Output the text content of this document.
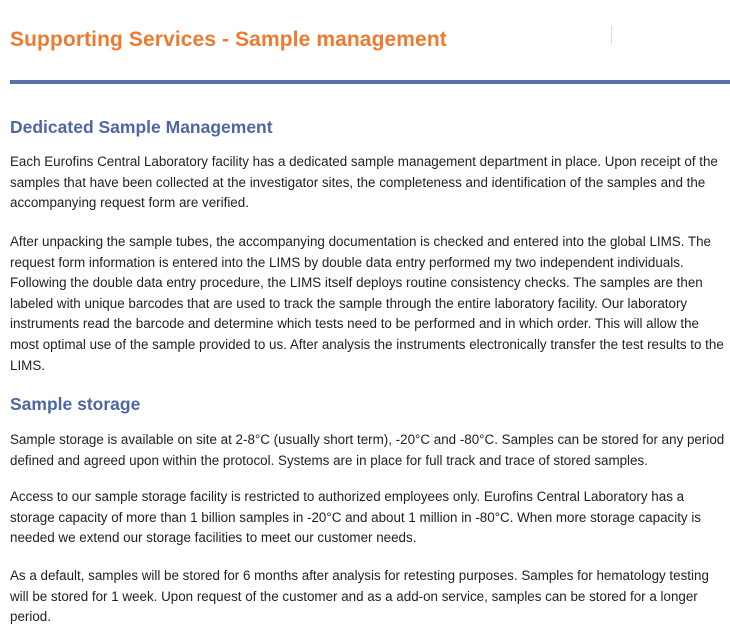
Supporting Services - Sample management
Dedicated Sample Management

Each Eurofins Central Laboratory facility has a dedicated sample management department in place. Upon receipt of the samples that have been collected at the investigator sites, the completeness and identification of the samples and the accompanying request form are verified.

After unpacking the sample tubes, the accompanying documentation is checked and entered into the global LIMS. The request form information is entered into the LIMS by double data entry performed my two independent individuals. Following the double data entry procedure, the LIMS itself deploys routine consistency checks. The samples are then labeled with unique barcodes that are used to track the sample through the entire laboratory facility. Our laboratory instruments read the barcode and determine which tests need to be performed and in which order. This will allow the most optimal use of the sample provided to us. After analysis the instruments electronically transfer the test results to the LIMS.

Sample storage

Sample storage is available on site at 2-8°C (usually short term), -20°C and -80°C. Samples can be stored for any period defined and agreed upon within the protocol. Systems are in place for full track and trace of stored samples.

Access to our sample storage facility is restricted to authorized employees only. Eurofins Central Laboratory has a storage capacity of more than 1 billion samples in -20°C and about 1 million in -80°C. When more storage capacity is needed we extend our storage facilities to meet our customer needs.

As a default, samples will be stored for 6 months after analysis for retesting purposes. Samples for hematology testing will be stored for 1 week. Upon request of the customer and as a add-on service, samples can be stored for a longer period.
